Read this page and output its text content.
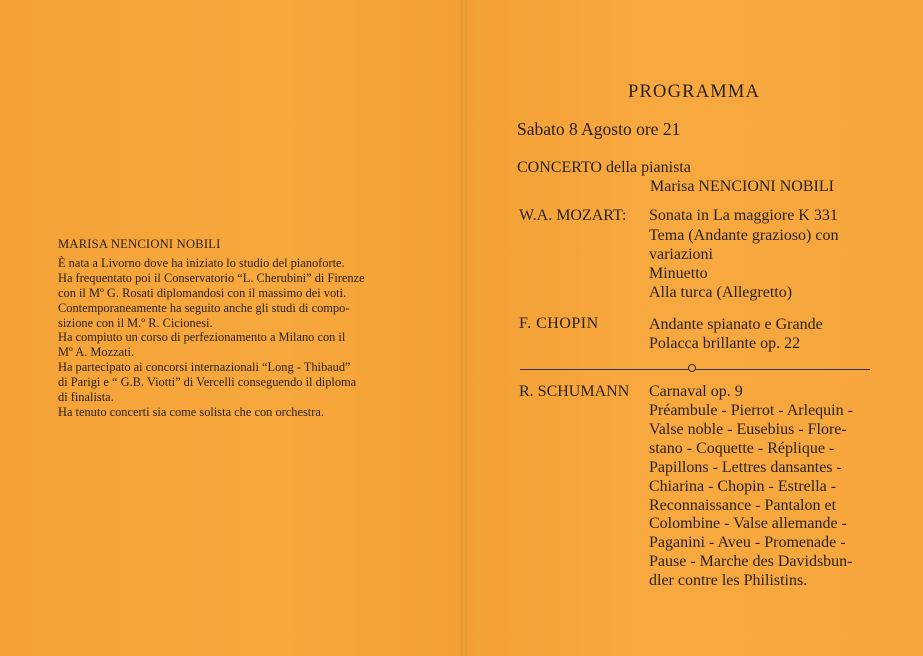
MARISA NENCIONI NOBILI

È nata a Livorno dove ha iniziato lo studio del pianoforte.

Ha frequentato poi il Conservatorio “L. Cherubini” di Firenze

con il Mº G. Rosati diplomandosi con il massimo dei voti.

Contemporaneamente ha seguito anche gli studi di compo-

sizione con il M.º R. Cicionesi.

Ha compiuto un corso di perfezionamento a Milano con il

Mº A. Mozzati.

Ha partecipato ai concorsi internazionali “Long - Thibaud”

di Parigi e “ G.B. Viotti” di Vercelli conseguendo il diploma

di finalista.

Ha tenuto concerti sia come solista che con orchestra.

PROGRAMMA
Sabato 8 Agosto ore 21
CONCERTO della pianista
Marisa NENCIONI NOBILI
W.A. MOZART: Sonata in La maggiore K 331
Tema (Andante grazioso) con
variazioni
Minuetto
Alla turca (Allegretto)
F. CHOPIN	Andante spianato e Grande
Polacca brillante op. 22
R. SCHUMANN Carnaval op. 9
Préambule - Pierrot - Arlequin -
Valse noble - Eusebius - Flore-
stano - Coquette - Réplique -
Papillons - Lettres dansantes -
Chiarina - Chopin - Estrella -
Reconnaissance - Pantalon et
Colombine - Valse allemande -
Paganini - Aveu - Promenade -
Pause - Marche des Davidsbun-
dler contre les Philistins.
